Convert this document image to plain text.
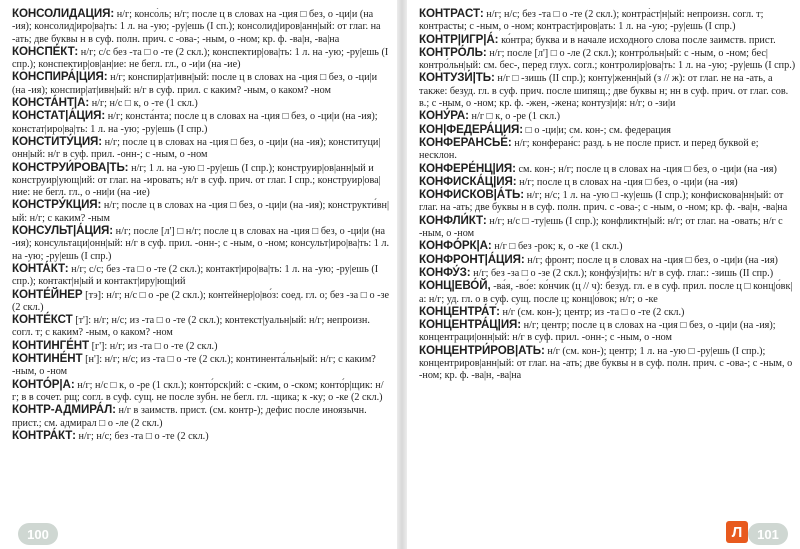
КОНСОЛИДА́ЦИЯ: н/г; консо́ль; н/г; после ц в словах на -ция □ без, о -ци|и (на -ия); консолид|иро|ва|ть: 1 л. на -ую; -ру|ешь (I сп.); консолид|иров|анн|ый: от глаг. на -ать; две буквы н в суф. полн. прич. с -ова-; -ным, о -ном; кр. ф. -ва|н, -ва|на
КОНСПЕ́КТ: н/г; с/с без -та □ о -те (2 скл.); конспектир|ова|ть: 1 л. на -ую; -ру|ешь (I спр.); конспектир|ов|ан|ие: не бегл. гл., о -и|и (на -ие)
КОНСПИРА́|ЦИЯ: н/г; конспир|ат|ивн|ый: после ц в словах на -ция □ без, о -ци|и (на -ия); конспир|ат|ивн|ый: н/г в суф. прил. с каким? -ным, о каком? -ном
КОНСТА́НТ|А: н/г; н/с □ к, о -те (1 скл.)
КОНСТАТ|А́ЦИЯ: н/г; конста́нта; после ц в словах на -ция □ без, о -ци|и (на -ия); констат|иро|ва|ть: 1 л. на -ую; -ру|ешь (I спр.)
КОНСТИТУ́ЦИЯ: н/г; после ц в словах на -ция □ без, о -ци|и (на -ия); конституци|онн|ый: н/г в суф. прил. -онн-; с -ным, о -ном
КОНСТРУИ́РОВА|ТЬ: н/г; 1 л. на -ую □ -ру|ешь (I спр.); конструир|ов|анн|ый и конструир|ующ|ий: от глаг. на -ировать; н/г в суф. прич. от глаг. I спр.; конструир|ова|ние: не бегл. гл., о -ни|и (на -ие)
КОНСТРУ́КЦИЯ: н/г; после ц в словах на -ция □ без, о -ци|и (на -ия); конструкти́вн|ый: н/г; с каким? -ным
КОНСУЛЬТ|А́ЦИЯ: н/г; после [л'] □ н/г; после ц в словах на -ция □ без, о -ци|и (на -ия); консультаци|онн|ый: н/г в суф. прил. -онн-; с -ным, о -ном; консульт|иро|ва|ть: 1 л. на -ую; -ру|ешь (I спр.)
КОНТА́КТ: н/г; с/с; без -та □ о -те (2 скл.); контакт|иро|ва|ть: 1 л. на -ую; -ру|ешь (I спр.); контакт|н|ый и контакт|иру|ющ|ий
КОНТЕ́ЙНЕР [тэ]: н/г; н/с □ о -ре (2 скл.); контейнер|о|во́з: соед. гл. о; без -за □ о -зе (2 скл.)
КОНТЕ́КСТ [т']: н/г; н/с; из -та □ о -те (2 скл.); контекст|уальн|ый: н/г; непроизн. согл. т; с каким? -ным, о каком? -ном
КОНТИНГЕ́НТ [г']: н/г; из -та □ о -те (2 скл.)
КОНТИНЕ́НТ [н']: н/г; н/с; из -та □ о -те (2 скл.); континента́льн|ый: н/г; с каким? -ным, о -ном
КОНТО́Р|А: н/г; н/с □ к, о -ре (1 скл.); конто́рск|ий: с -ским, о -ском; конто́р|щик: н/г; в в сочет. рщ; согл. в суф. сущ. не после зубн. не бегл. гл. -щика; к -ку; о -ке (2 скл.)
КОНТР-АДМИРА́Л: н/г в заимств. прист. (см. контр-); дефис после иноязычн. прист.; см. адмирал □ о -ле (2 скл.)
КОНТРА́КТ: н/г; н/с; без -та □ о -те (2 скл.)
КОНТРА́СТ: н/г; н/с; без -та □ о -те (2 скл.); контра́ст|н|ый: непроизн. согл. т; контрасты; с -ным, о -ном; контраст|иров|ать: 1 л. на -ую; -ру|ешь (I спр.)
КОНТР|ИГР|А́: ко́нтра; буква и в начале исходного слова после заимств. прист.
КОНТРО́ЛЬ: н/г; после [л'] □ о -ле (2 скл.); контро́льн|ый: с -ным, о -ном; бес|контро́льн|ый: см. бес-, перед глух. согл.; контролир|ова|ть: 1 л. на -ую; -ру|ешь (I спр.)
КОНТУЗИ́|ТЬ: н/г □ -зишь (II спр.); конту|женн|ый (з // ж): от глаг. не на -ать, а также: безуд. гл. в суф. прич. после шипящ.; две буквы н; нн в суф. прич. от глаг. сов. в.; с -ным, о -ном; кр. ф. -жен, -жена; контуз|и|я: н/г; о -зи|и
КОНУ́РА: н/г □ к, о -ре (1 скл.)
КОН|ФЕДЕРА́ЦИЯ: □ о -ци|и; см. кон-; см. федерация
КОНФЕРАНСЬЕ́: н/г; конферан́с: разд. ь не после прист. и перед буквой е; несклон.
КОНФЕРЕ́НЦ|ИЯ: см. кон-; н/г; после ц в словах на -ция □ без, о -ци|и (на -ия)
КОНФИСКА́Ц|ИЯ: н/г; после ц в словах на -ция □ без, о -ци|и (на -ия)
КОНФИСКОВ|А́ТЬ: н/г; н/с; 1 л. на -ую □ -ку|ешь (I спр.); конфискова|нн|ый: от глаг. на -ать; две буквы н в суф. полн. прич. с -ова-; с -ным, о -ном; кр. ф. -ва|н, -ва|на
КОНФЛИ́КТ: н/г; н/с □ -ту|ешь (I спр.); конфликтн|ый: н/г; от глаг. на -овать; н/г с -ным, о -ном
КОНФО́РК|А: н/г □ без -рок; к, о -ке (1 скл.)
КОНФРОНТ|А́ЦИЯ: н/г; фронт; после ц в словах на -ция □ без, о -ци|и (на -ия)
КОНФУ́З: н/г; без -за □ о -зе (2 скл.); конфу́з|и|ть: н/г в суф. глаг.: -зишь (II спр.)
КОНЦ|ЕВО́Й, -ва́я, -во́е: ко́нчик (ц // ч): безуд. гл. е в суф. прил. после ц □ конц|о́вк|а: н/г; уд. гл. о в суф. сущ. после ц; конц|о́вок; н/г; о -ке
КОНЦЕНТРА́Т: н/г (см. кон-); центр; из -та □ о -те (2 скл.)
КОНЦЕНТРА́Ц|ИЯ: н/г; центр; после ц в словах на -ция □ без, о -ци|и (на -ия); концентраци|онн|ый: н/г в суф. прил. -онн-; с -ным, о -ном
КОНЦЕНТРИ́РОВ|АТЬ: н/г (см. кон-); центр; 1 л. на -ую □ -ру|ешь (I спр.); концентриров|анн|ый: от глаг. на -ать; две буквы н в суф. полн. прич. с -ова-; с -ным, о -ном; кр. ф. -ва|н, -ва|на
100	Л	101
